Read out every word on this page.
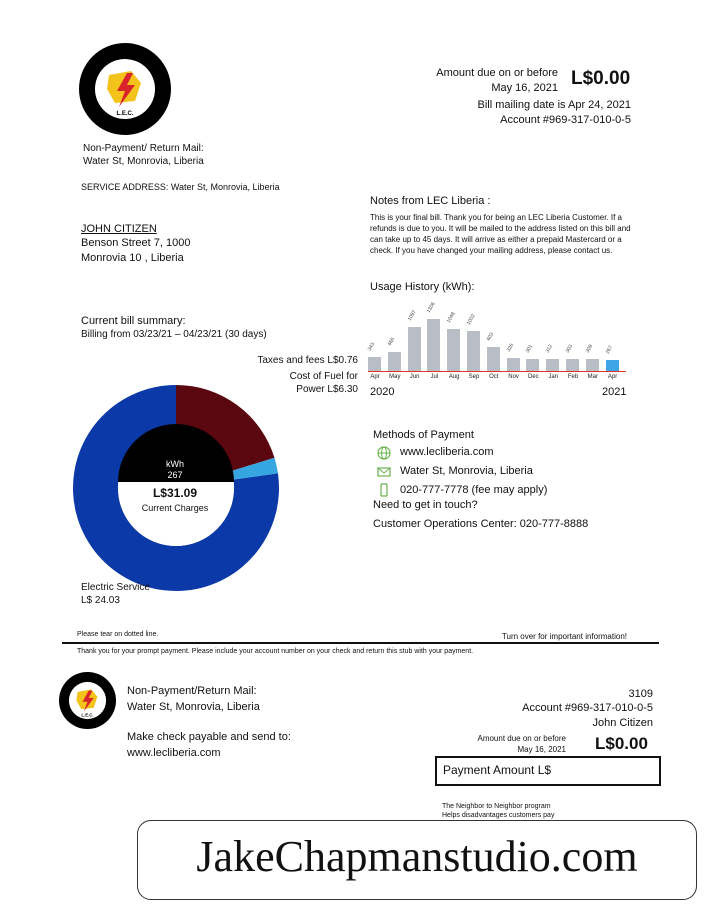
L.E.C.
Non-Payment/ Return Mail:
Water St, Monrovia, Liberia
SERVICE ADDRESS: Water St, Monrovia, Liberia
Amount due on or before
May 16, 2021 L$0.00
Bill mailing date is Apr 24, 2021
Account #969-317-010-0-5
JOHN CITIZEN
Benson Street 7, 1000
Monrovia 10 , Liberia
Notes from LEC Liberia :
This is your final bill. Thank you for being an LEC Liberia Customer. If a refunds is due to you. It will be mailed to the address listed on this bill and can take up to 45 days. It will arrive as either a prepaid Mastercard or a check. If you have changed your mailing address, please contact us.
Usage History (kWh):
343 466
1097
1306
1048 1002
603
326 301 312 303 309 267
Apr	May	Jun	Jul	Aug	Sep	Oct	Nov	Dec	Jan	Feb	Mar	Apr
2020	2021
Current bill summary:
Billing from 03/23/21 – 04/23/21 (30 days)
Taxes and fees L$0.76
Cost of Fuel for
Power L$6.30
kWh
267
L$31.09
Current Charges
Electric Service
L$ 24.03
Methods of Payment
www.lecliberia.com
Water St, Monrovia, Liberia
020-777-7778 (fee may apply)
Need to get in touch?
Customer Operations Center: 020-777-8888
Please tear on dotted line.	Turn over for important information!
Thank you for your prompt payment. Please include your account number on your check and return this stub with your payment.
L.E.C.
Non-Payment/Return Mail:
Water St, Monrovia, Liberia
Make check payable and send to:
www.lecliberia.com
3109
Account #969-317-010-0-5
John Citizen
Amount due on or before
May 16, 2021 L$0.00
Payment Amount L$
The Neighbor to Neighbor program
Helps disadvantages customers pay
JakeChapmanstudio.com
